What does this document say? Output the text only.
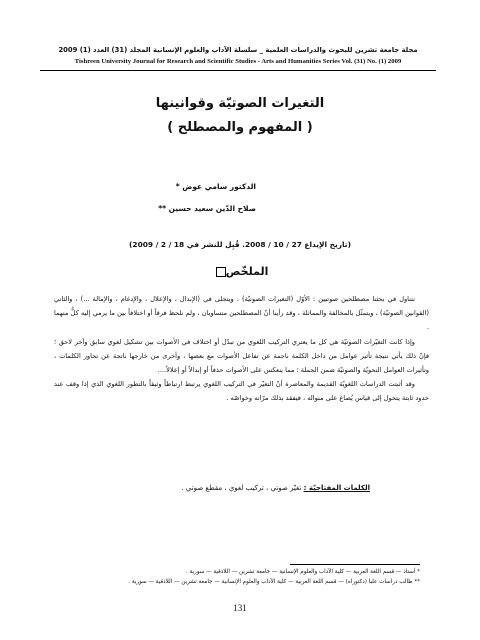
مجلة جامعة تشرين للبحوث والدراسات العلمية _ سلسلة الآداب والعلوم الإنسانية المجلد (31) العدد (1) 2009
Tishreen University Journal for Research and Scientific Studies - Arts and Humanities Series Vol. (31) No. (1) 2009
التغيرات الصوتيّة وقوانينها
( المفهوم والمصطلح )
الدكتور سامي عوض *
صلاح الدّين سعيد حسين **
(تاريخ الإيداع 27 / 10 / 2008. قُبِل للنشر في 18 / 2 / 2009)
الملخّص

نتناول في بحثنا مصطلحين صوتيين : الأوّل (التغيرات الصوتيّة) ، ويتجلى في (الإبدال ، والإعلال ، والإدغام ، والإمالة ...) ، والثاني (القوانين الصوتيّة) ، ويتمثّل بالمخالفة والمماثلة ، وقد رأينا أنّ المصطلحين متساويان ، ولم نلحظ فرقاً أو اختلافاً بين ما يرمي إليه كلٌّ منهما .

وإذا كانت التغيّرات الصوتيّة هي كل ما يعتري التركيب اللغوي من تبدّل أو اختلاف في الأصوات بين تشكيل لغوي سابق وآخر لاحق ؛ فإنّ ذلك يأتي نتيجة تأثير عوامل من داخل الكلمة ناجمة عن تفاعل الأصوات مع بعضها ، وأخرى من خارجها ناتجة عن تجاور الكلمات ، وتأثيرات العوامل النحويّة والصوتيّة ضمن الجملة ؛ مما ينعكس على الأصوات حذفاً أو إبدالاً أو إعلالاً....

وقد أثبتت الدراسات اللغويّة القديمة والمعاصرة أنّ التغيّر في التركيب اللغوي يرتبط ارتباطاً وثيقاً بالتطور اللغوي الذي إذا وقف عند حدود ثابتة يتحول إلى قياس يُصاغ على منواله ، فيفقد بذلك مرّانه وخواصّه .

الكلمات المفتاحيّة : تغيّر صوتي ، تركيب لغوي ، مقطع صوتي .
* أستاذ — قسم اللغة العربية — كلية الآداب والعلوم الإنسانية — جامعة تشرين — اللاذقية — سورية .
** طالب دراسات عليا (دكتوراه) — قسم اللغة العربية — كلية الآداب والعلوم الإنسانية — جامعة تشرين — اللاذقية — سورية .
131
